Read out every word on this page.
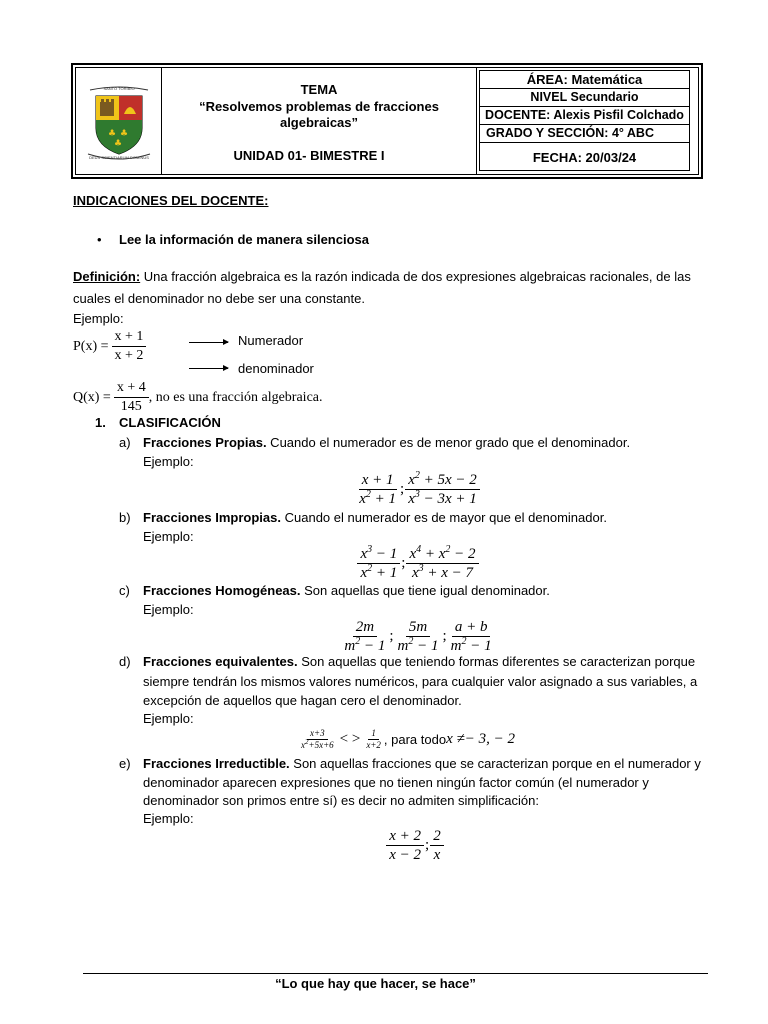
♣ ♣
♣
SANTO TORIBIO
DEUS SCIENTIARUM DOMINUS
TEMA
“Resolvemos problemas de fracciones algebraicas”
UNIDAD 01- BIMESTRE I
ÁREA: Matemática
NIVEL Secundario
DOCENTE: Alexis Pisfil Colchado
GRADO Y SECCIÓN: 4° ABC
FECHA: 20/03/24
INDICACIONES DEL DOCENTE:
• Lee la información de manera silenciosa
Definición: Una fracción algebraica es la razón indicada de dos expresiones algebraicas racionales, de las
cuales el denominador no debe ser una constante.
Ejemplo:
$P(x) = \frac{x + 1}{x + 2}$	Numerador
denominador
$Q(x) = \frac{x + 4}{145}$ , no es una fracción algebraica.
1. CLASIFICACIÓN
a) Fracciones Propias. Cuando el numerador es de menor grado que el denominador.
Ejemplo:
$\frac{x + 1}{x^2 + 1}$ ; $\frac{x^2 + 5x - 2}{x^3 - 3x + 1}$
b) Fracciones Impropias. Cuando el numerador es de mayor que el denominador.
Ejemplo:
$\frac{x^3 - 1}{x^2 + 1}$ ; $\frac{x^4 + x^2 - 2}{x^3 + x - 7}$
c) Fracciones Homogéneas. Son aquellas que tiene igual denominador.
Ejemplo:
$\frac{2m}{m^2 - 1}$ ; $\frac{5m}{m^2 - 1}$ ; $\frac{a + b}{m^2 - 1}$
d) Fracciones equivalentes. Son aquellas que teniendo formas diferentes se caracterizan porque
siempre tendrán los mismos valores numéricos, para cualquier valor asignado a sus variables, a
excepción de aquellos que hagan cero el denominador.
Ejemplo:
$\frac{x+3}{x^2+5x+6}$ < > $\frac{1}{x+2}$ , para todo x ≠− 3, − 2
e) Fracciones Irreductible. Son aquellas fracciones que se caracterizan porque en el numerador y
denominador aparecen expresiones que no tienen ningún factor común (el numerador y
denominador son primos entre sí) es decir no admiten simplificación:
Ejemplo:
$\frac{x + 2}{x - 2}$ ; $\frac{2}{x}$
“Lo que hay que hacer, se hace”
